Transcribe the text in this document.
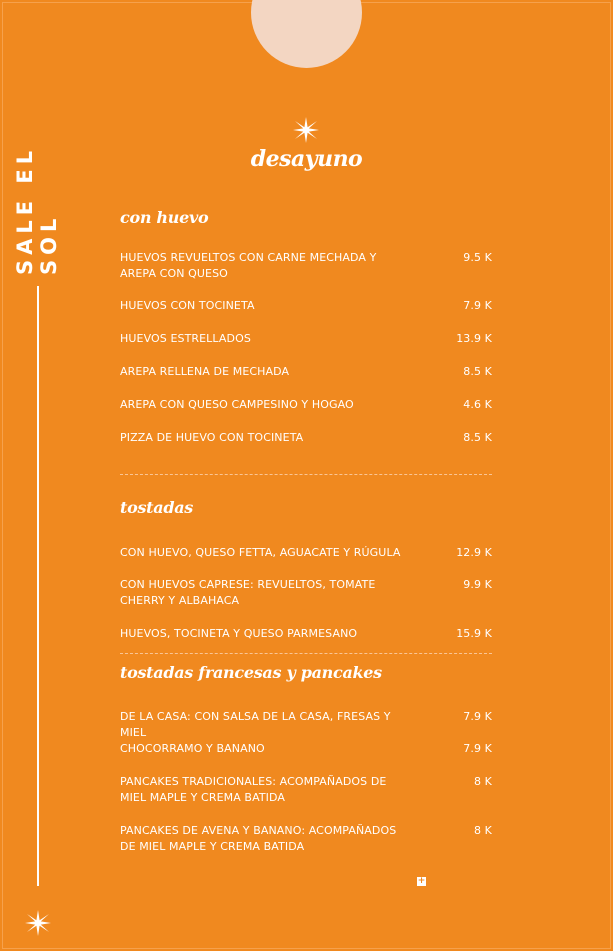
SALE EL SOL
desayuno
con huevo
HUEVOS REVUELTOS CON CARNE MECHADA Y AREPA CON QUESO
9.5 K
HUEVOS CON TOCINETA	7.9 K
HUEVOS ESTRELLADOS	13.9 K
AREPA RELLENA DE MECHADA	8.5 K
AREPA CON QUESO CAMPESINO Y HOGAO	4.6 K
PIZZA DE HUEVO CON TOCINETA	8.5 K
tostadas
CON HUEVO, QUESO FETTA, AGUACATE Y RÚGULA	12.9 K
CON HUEVOS CAPRESE: REVUELTOS, TOMATE CHERRY Y ALBAHACA
9.9 K
HUEVOS, TOCINETA Y QUESO PARMESANO	15.9 K
tostadas francesas y pancakes
DE LA CASA: CON SALSA DE LA CASA, FRESAS Y MIEL
7.9 K
CHOCORRAMO Y BANANO	7.9 K
PANCAKES TRADICIONALES: ACOMPAÑADOS DE MIEL MAPLE Y CREMA BATIDA
8 K
PANCAKES DE AVENA Y BANANO: ACOMPAÑADOS DE MIEL MAPLE Y CREMA BATIDA
8 K
+
